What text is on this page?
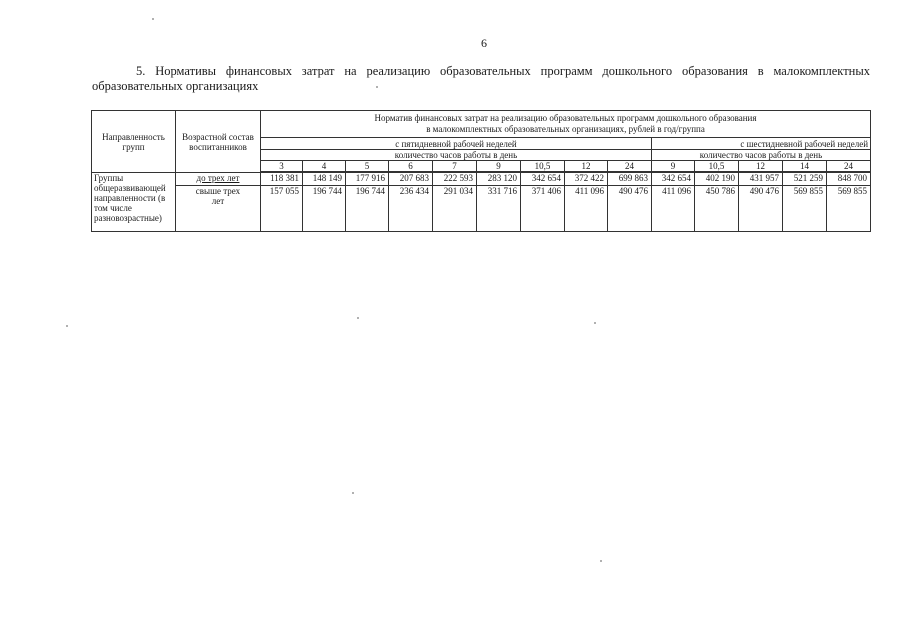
6
5. Нормативы финансовых затрат на реализацию образовательных программ дошкольного образования в малокомплектных образовательных организациях
Направленность групп	Возрастной состав воспитанников	Норматив финансовых затрат на реализацию образовательных программ дошкольного образования
в малокомплектных образовательных организациях, рублей в год/группа													

		с пятидневной рабочей неделей									с шестидневной рабочей неделей				
		количество часов работы в день									количество часов работы в день				
		3	4	5	6	7	9	10,5	12	24	9	10,5	12	14	24

Группы общеразвивающей направленности (в том числе разновозрастные)	до трех лет	118 381	148 149	177 916	207 683	222 593	283 120	342 654	372 422	699 863	342 654	402 190	431 957	521 259	848 700
	свыше трех лет	157 055	196 744	196 744	236 434	291 034	331 716	371 406	411 096	490 476	411 096	450 786	490 476	569 855	569 855
